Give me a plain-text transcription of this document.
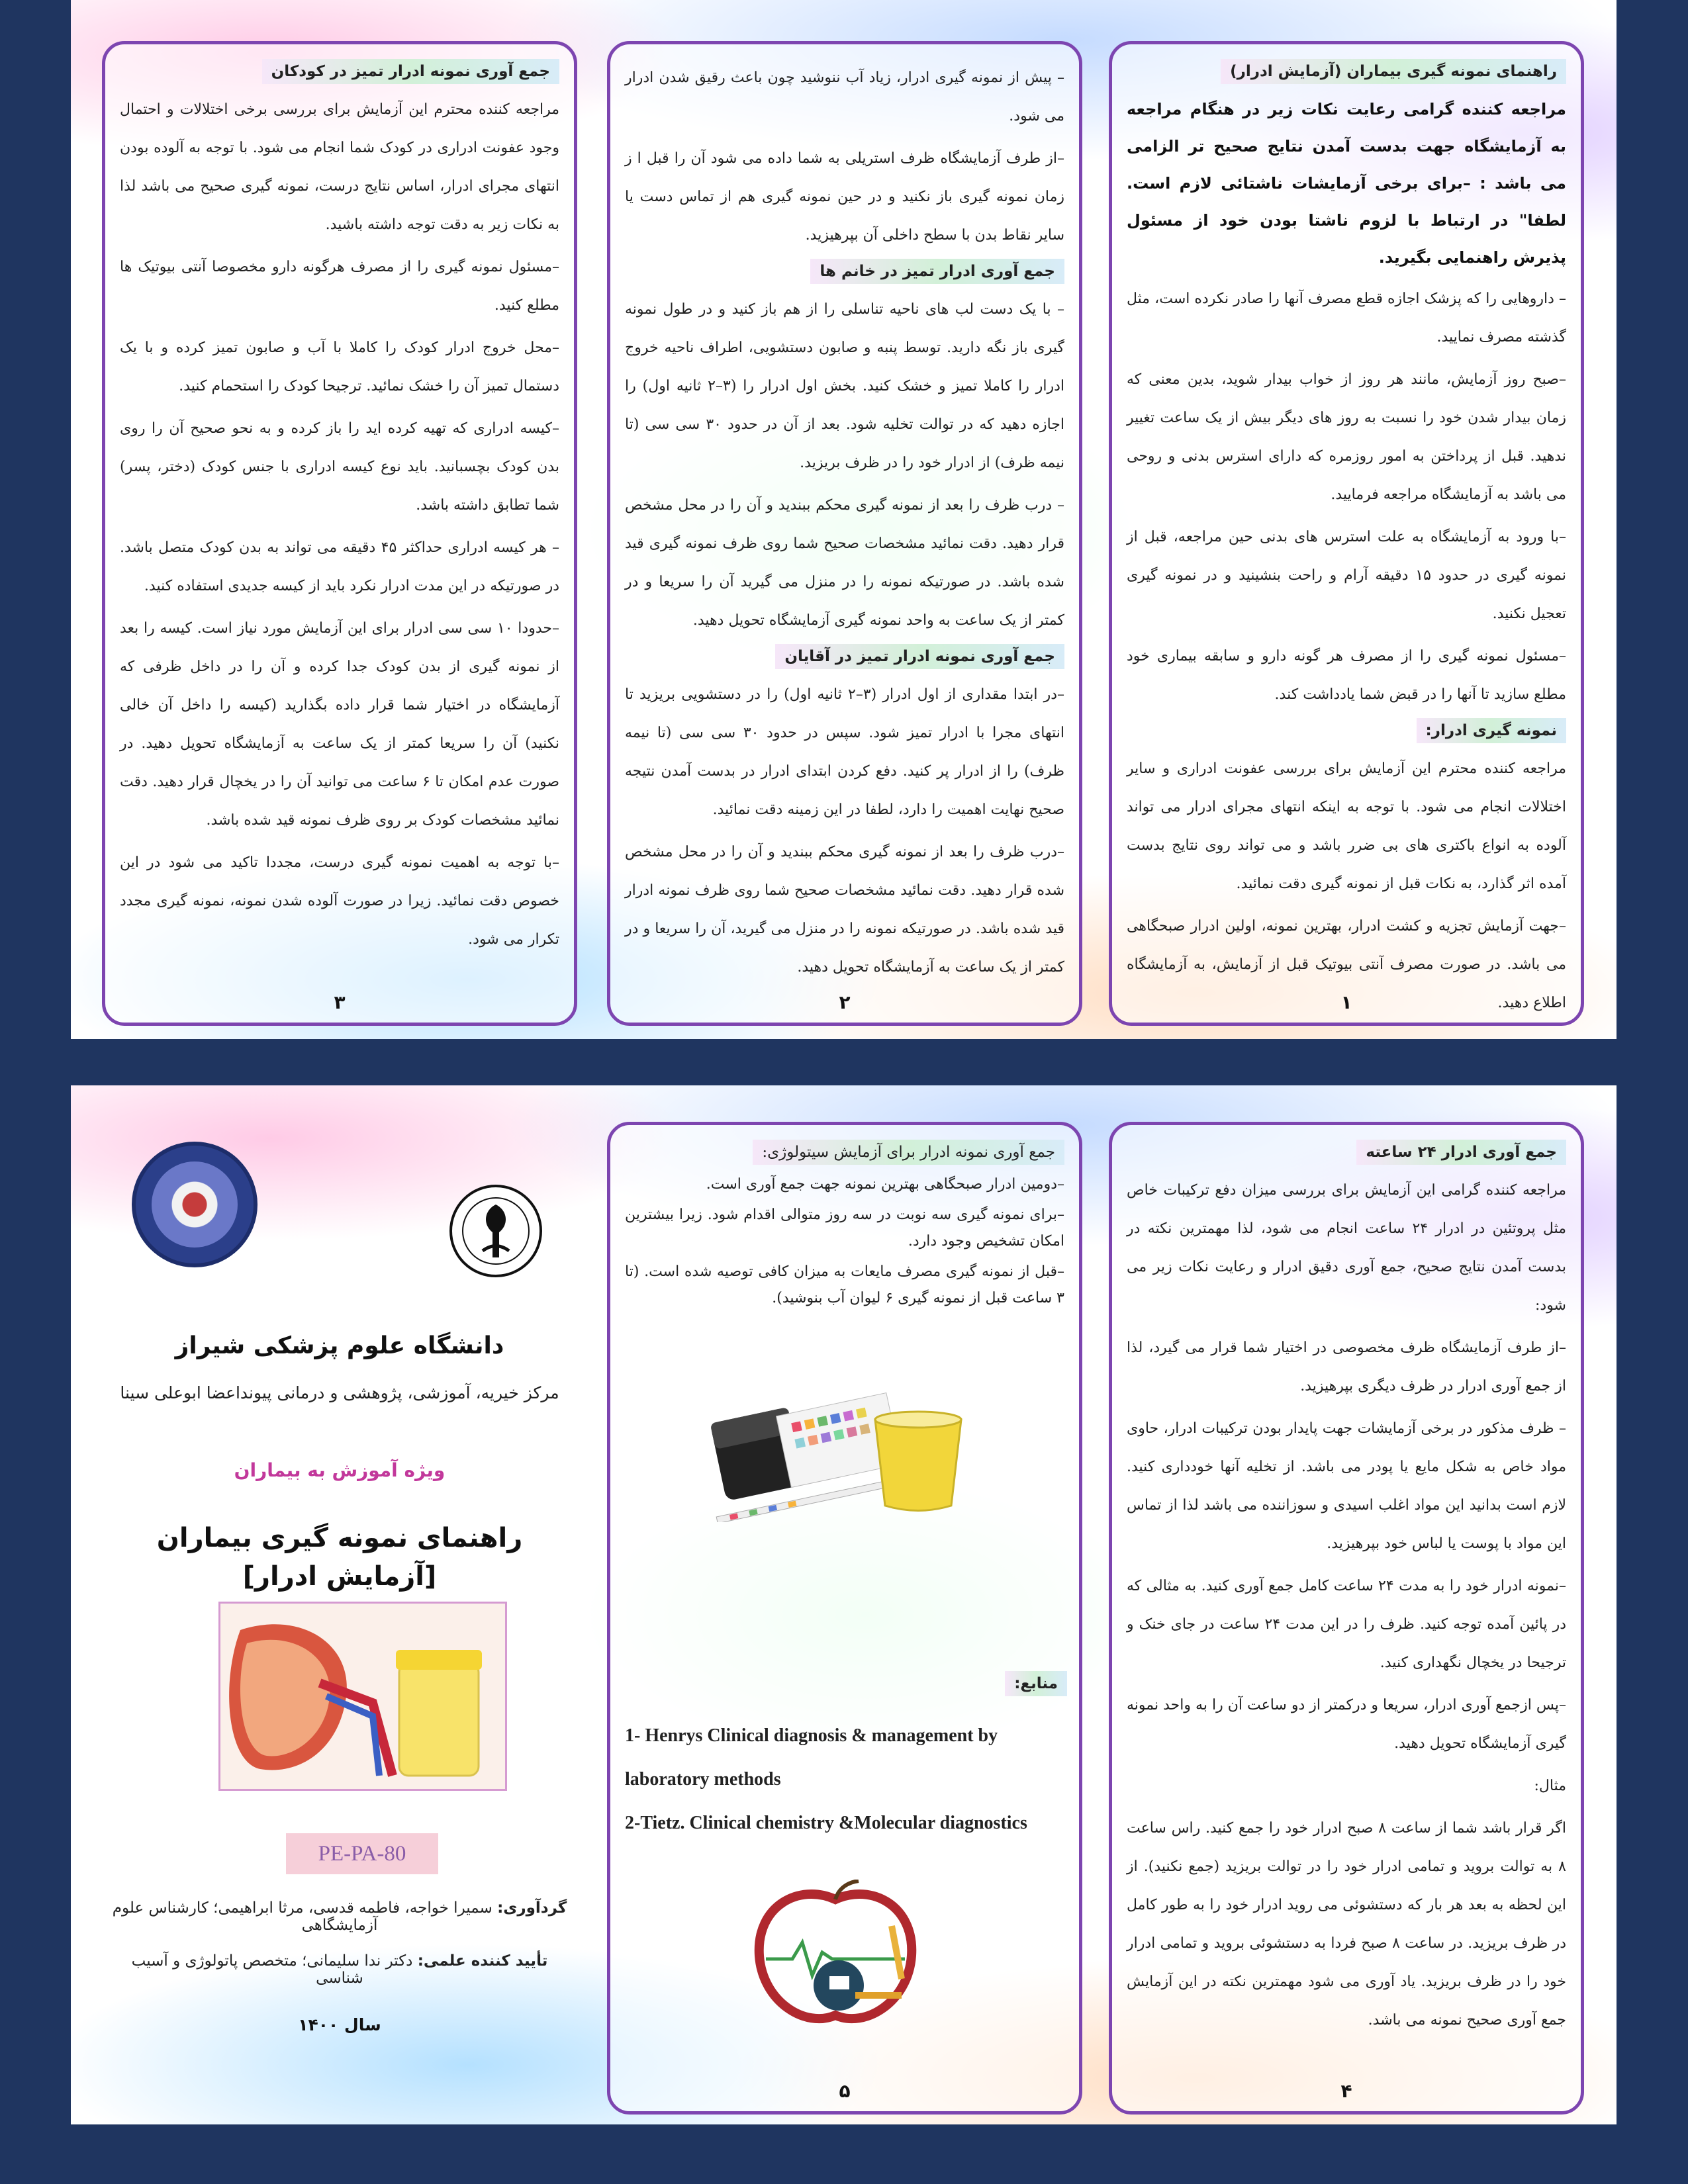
راهنمای نمونه گیری بیماران (آزمایش ادرار)

مراجعه کننده گرامی رعایت نکات زیر در هنگام مراجعه به آزمایشگاه جهت بدست آمدن نتایج صحیح تر الزامی می باشد : –برای برخی آزمایشات ناشتائی لازم است. لطفا" در ارتباط با لزوم ناشتا بودن خود از مسئول پذیرش راهنمایی بگیرید.

– داروهایی را که پزشک اجازه قطع مصرف آنها را صادر نکرده است، مثل گذشته مصرف نمایید.

–صبح روز آزمایش، مانند هر روز از خواب بیدار شوید، بدین معنی که زمان بیدار شدن خود را نسبت به روز های دیگر بیش از یک ساعت تغییر ندهید. قبل از پرداختن به امور روزمره که دارای استرس بدنی و روحی می باشد به آزمایشگاه مراجعه فرمایید.

–با ورود به آزمایشگاه به علت استرس های بدنی حین مراجعه، قبل از نمونه گیری در حدود ۱۵ دقیقه آرام و راحت بنشینید و در نمونه گیری تعجیل نکنید.

–مسئول نمونه گیری را از مصرف هر گونه دارو و سابقه بیماری خود مطلع سازید تا آنها را در قبض شما یادداشت کند.

نمونه گیری ادرار:

مراجعه کننده محترم این آزمایش برای بررسی عفونت ادراری و سایر اختلالات انجام می شود. با توجه به اینکه انتهای مجرای ادرار می تواند آلوده به انواع باکتری های بی ضرر باشد و می تواند روی نتایج بدست آمده اثر گذارد، به نکات قبل از نمونه گیری دقت نمائید.

–جهت آزمایش تجزیه و کشت ادرار، بهترین نمونه، اولین ادرار صبحگاهی می باشد. در صورت مصرف آنتی بیوتیک قبل از آزمایش، به آزمایشگاه اطلاع دهید.

۱

– پیش از نمونه گیری ادرار، زیاد آب ننوشید چون باعث رقیق شدن ادرار می شود.

–از طرف آزمایشگاه ظرف استریلی به شما داده می شود آن را قبل ا ز زمان نمونه گیری باز نکنید و در حین نمونه گیری هم از تماس دست یا سایر نقاط بدن با سطح داخلی آن بپرهیزید.

جمع آوری ادرار تمیز در خانم ها

– با یک دست لب های ناحیه تناسلی را از هم باز کنید و در طول نمونه گیری باز نگه دارید. توسط پنبه و صابون دستشویی، اطراف ناحیه خروج ادرار را کاملا تمیز و خشک کنید. بخش اول ادرار را (۳–۲ ثانیه اول) را اجازه دهید که در توالت تخلیه شود. بعد از آن در حدود ۳۰ سی سی (تا نیمه ظرف) از ادرار خود را در ظرف بریزید.

– درب ظرف را بعد از نمونه گیری محکم ببندید و آن را در محل مشخص قرار دهید. دقت نمائید مشخصات صحیح شما روی ظرف نمونه گیری قید شده باشد. در صورتیکه نمونه را در منزل می گیرید آن را سریعا و در کمتر از یک ساعت به واحد نمونه گیری آزمایشگاه تحویل دهید.

جمع آوری نمونه ادرار تمیز در آقایان

–در ابتدا مقداری از اول ادرار (۳–۲ ثانیه اول) را در دستشویی بریزید تا انتهای مجرا با ادرار تمیز شود. سپس در حدود ۳۰ سی سی (تا نیمه ظرف) را از ادرار پر کنید. دفع کردن ابتدای ادرار در بدست آمدن نتیجه صحیح نهایت اهمیت را دارد، لطفا در این زمینه دقت نمائید.

–درب ظرف را بعد از نمونه گیری محکم ببندید و آن را در محل مشخص شده قرار دهید. دقت نمائید مشخصات صحیح شما روی ظرف نمونه ادرار قید شده باشد. در صورتیکه نمونه را در منزل می گیرید، آن را سریعا و در کمتر از یک ساعت به آزمایشگاه تحویل دهید.

۲
جمع آوری نمونه ادرار تمیز در کودکان

مراجعه کننده محترم این آزمایش برای بررسی برخی اختلالات و احتمال وجود عفونت ادراری در کودک شما انجام می شود. با توجه به آلوده بودن انتهای مجرای ادرار، اساس نتایج درست، نمونه گیری صحیح می باشد لذا به نکات زیر به دقت توجه داشته باشید.

–مسئول نمونه گیری را از مصرف هرگونه دارو مخصوصا آنتی بیوتیک ها مطلع کنید.

–محل خروج ادرار کودک را کاملا با آب و صابون تمیز کرده و با یک دستمال تمیز آن را خشک نمائید. ترجیحا کودک را استحمام کنید.

–کیسه ادراری که تهیه کرده اید را باز کرده و به نحو صحیح آن را روی بدن کودک بچسبانید. باید نوع کیسه ادراری با جنس کودک (دختر، پسر) شما تطابق داشته باشد.

– هر کیسه ادراری حداکثر ۴۵ دقیقه می تواند به بدن کودک متصل باشد. در صورتیکه در این مدت ادرار نکرد باید از کیسه جدیدی استفاده کنید.

–حدودا ۱۰ سی سی ادرار برای این آزمایش مورد نیاز است. کیسه را بعد از نمونه گیری از بدن کودک جدا کرده و آن را در داخل ظرفی که آزمایشگاه در اختیار شما قرار داده بگذارید (کیسه را داخل آن خالی نکنید) آن را سریعا کمتر از یک ساعت به آزمایشگاه تحویل دهید. در صورت عدم امکان تا ۶ ساعت می توانید آن را در یخچال قرار دهید. دقت نمائید مشخصات کودک بر روی ظرف نمونه قید شده باشد.

–با توجه به اهمیت نمونه گیری درست، مجددا تاکید می شود در این خصوص دقت نمائید. زیرا در صورت آلوده شدن نمونه، نمونه گیری مجدد تکرار می شود.

۳
جمع آوری ادرار ۲۴ ساعته

مراجعه کننده گرامی این آزمایش برای بررسی میزان دفع ترکیبات خاص مثل پروتئین در ادرار ۲۴ ساعت انجام می شود، لذا مهمترین نکته در بدست آمدن نتایج صحیح، جمع آوری دقیق ادرار و رعایت نکات زیر می شود:

–از طرف آزمایشگاه ظرف مخصوصی در اختیار شما قرار می گیرد، لذا از جمع آوری ادرار در ظرف دیگری بپرهیزید.

– ظرف مذکور در برخی آزمایشات جهت پایدار بودن ترکیبات ادرار، حاوی مواد خاص به شکل مایع یا پودر می باشد. از تخلیه آنها خودداری کنید. لازم است بدانید این مواد اغلب اسیدی و سوزاننده می باشد لذا از تماس این مواد با پوست یا لباس خود بپرهیزید.

–نمونه ادرار خود را به مدت ۲۴ ساعت کامل جمع آوری کنید. به مثالی که در پائین آمده توجه کنید. ظرف را در این مدت ۲۴ ساعت در جای خنک و ترجیحا در یخچال نگهداری کنید.

–پس ازجمع آوری ادرار، سریعا و درکمتر از دو ساعت آن را به واحد نمونه گیری آزمایشگاه تحویل دهید.

مثال:

اگر قرار باشد شما از ساعت ۸ صبح ادرار خود را جمع کنید. راس ساعت ۸ به توالت بروید و تمامی ادرار خود را در توالت بریزید (جمع نکنید). از این لحظه به بعد هر بار که دستشوئی می روید ادرار خود را به طور کامل در ظرف بریزید. در ساعت ۸ صبح فردا به دستشوئی بروید و تمامی ادرار خود را در ظرف بریزید. یاد آوری می شود مهمترین نکته در این آزمایش جمع آوری صحیح نمونه می باشد.

۴
جمع آوری نمونه ادرار برای آزمایش سیتولوژی:

–دومین ادرار صبحگاهی بهترین نمونه جهت جمع آوری است.

–برای نمونه گیری سه نوبت در سه روز متوالی اقدام شود. زیرا بیشترین امکان تشخیص وجود دارد.

–قبل از نمونه گیری مصرف مایعات به میزان کافی توصیه شده است. (تا ۳ ساعت قبل از نمونه گیری ۶ لیوان آب بنوشید).

منابع:
1- Henrys Clinical diagnosis & management by laboratory methods
2-Tietz. Clinical chemistry &Molecular diagnostics
۵
دانشگاه علوم پزشکی شیراز
مرکز خیریه، آموزشی، پژوهشی و درمانی پیونداعضا ابوعلی سینا
ویژه آموزش به بیماران
راهنمای نمونه گیری بیماران
[آزمایش ادرار]
PE-PA-80
گردآوری: سمیرا خواجه، فاطمه قدسی، مرثا ابراهیمی؛ کارشناس علوم آزمایشگاهی
تأیید کننده علمی: دکتر ندا سلیمانی؛ متخصص پاتولوژی و آسیب شناسی
سال ۱۴۰۰
